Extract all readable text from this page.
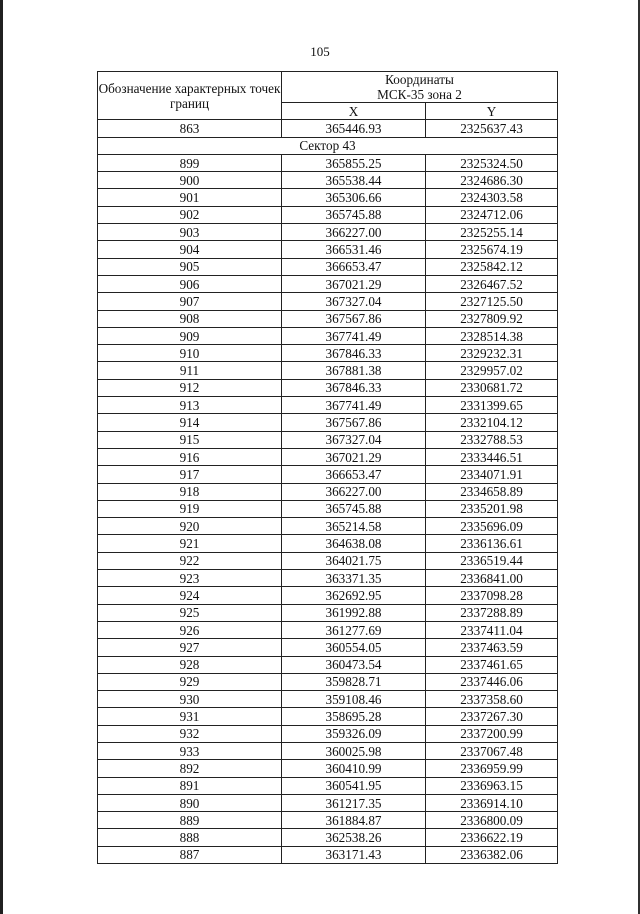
105
Обозначение характерных точек границ	Координаты
МСК-35 зона 2	
	X	Y
863	365446.93	2325637.43
Сектор 43		
899	365855.25	2325324.50
900	365538.44	2324686.30
901	365306.66	2324303.58
902	365745.88	2324712.06
903	366227.00	2325255.14
904	366531.46	2325674.19
905	366653.47	2325842.12
906	367021.29	2326467.52
907	367327.04	2327125.50
908	367567.86	2327809.92
909	367741.49	2328514.38
910	367846.33	2329232.31
911	367881.38	2329957.02
912	367846.33	2330681.72
913	367741.49	2331399.65
914	367567.86	2332104.12
915	367327.04	2332788.53
916	367021.29	2333446.51
917	366653.47	2334071.91
918	366227.00	2334658.89
919	365745.88	2335201.98
920	365214.58	2335696.09
921	364638.08	2336136.61
922	364021.75	2336519.44
923	363371.35	2336841.00
924	362692.95	2337098.28
925	361992.88	2337288.89
926	361277.69	2337411.04
927	360554.05	2337463.59
928	360473.54	2337461.65
929	359828.71	2337446.06
930	359108.46	2337358.60
931	358695.28	2337267.30
932	359326.09	2337200.99
933	360025.98	2337067.48
892	360410.99	2336959.99
891	360541.95	2336963.15
890	361217.35	2336914.10
889	361884.87	2336800.09
888	362538.26	2336622.19
887	363171.43	2336382.06
